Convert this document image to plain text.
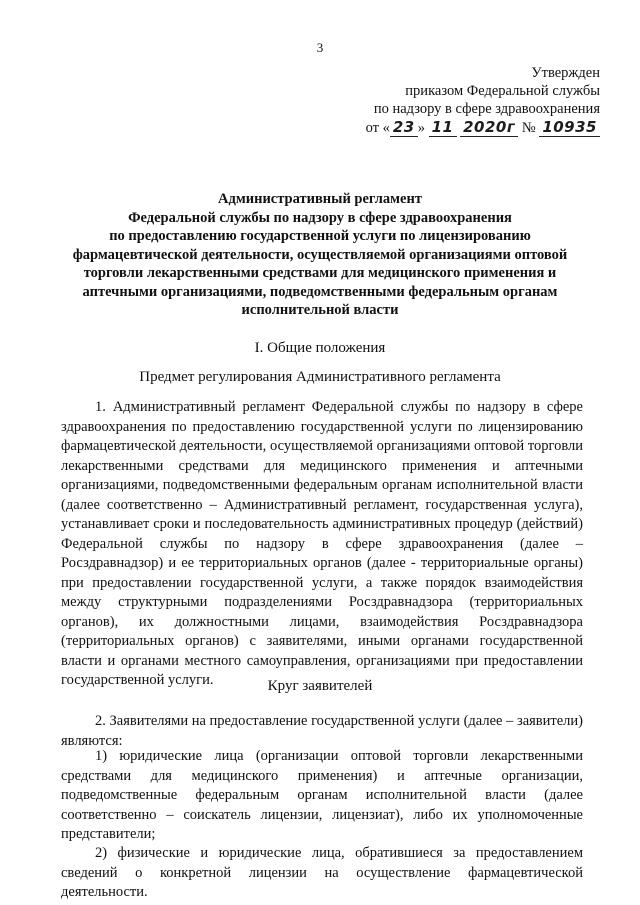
3
Утвержден
приказом Федеральной службы
по надзору в сфере здравоохранения
от « 23 » 11 2020г № 10935
Административный регламент
Федеральной службы по надзору в сфере здравоохранения
по предоставлению государственной услуги по лицензированию
фармацевтической деятельности, осуществляемой организациями оптовой
торговли лекарственными средствами для медицинского применения и
аптечными организациями, подведомственными федеральным органам
исполнительной власти
I. Общие положения
Предмет регулирования Административного регламента

1. Административный регламент Федеральной службы по надзору в сфере здравоохранения по предоставлению государственной услуги по лицензированию фармацевтической деятельности, осуществляемой организациями оптовой торговли лекарственными средствами для медицинского применения и аптечными организациями, подведомственными федеральным органам исполнительной власти (далее соответственно – Административный регламент, государственная услуга), устанавливает сроки и последовательность административных процедур (действий) Федеральной службы по надзору в сфере здравоохранения (далее – Росздравнадзор) и ее территориальных органов (далее - территориальные органы) при предоставлении государственной услуги, а также порядок взаимодействия между структурными подразделениями Росздравнадзора (территориальных органов), их должностными лицами, взаимодействия Росздравнадзора (территориальных органов) с заявителями, иными органами государственной власти и органами местного самоуправления, организациями при предоставлении государственной услуги.	Круг заявителей

2. Заявителями на предоставление государственной услуги (далее – заявители) являются:

1) юридические лица (организации оптовой торговли лекарственными средствами для медицинского применения) и аптечные организации, подведомственные федеральным органам исполнительной власти (далее соответственно – соискатель лицензии, лицензиат), либо их уполномоченные представители;

2) физические и юридические лица, обратившиеся за предоставлением сведений о конкретной лицензии на осуществление фармацевтической деятельности.
